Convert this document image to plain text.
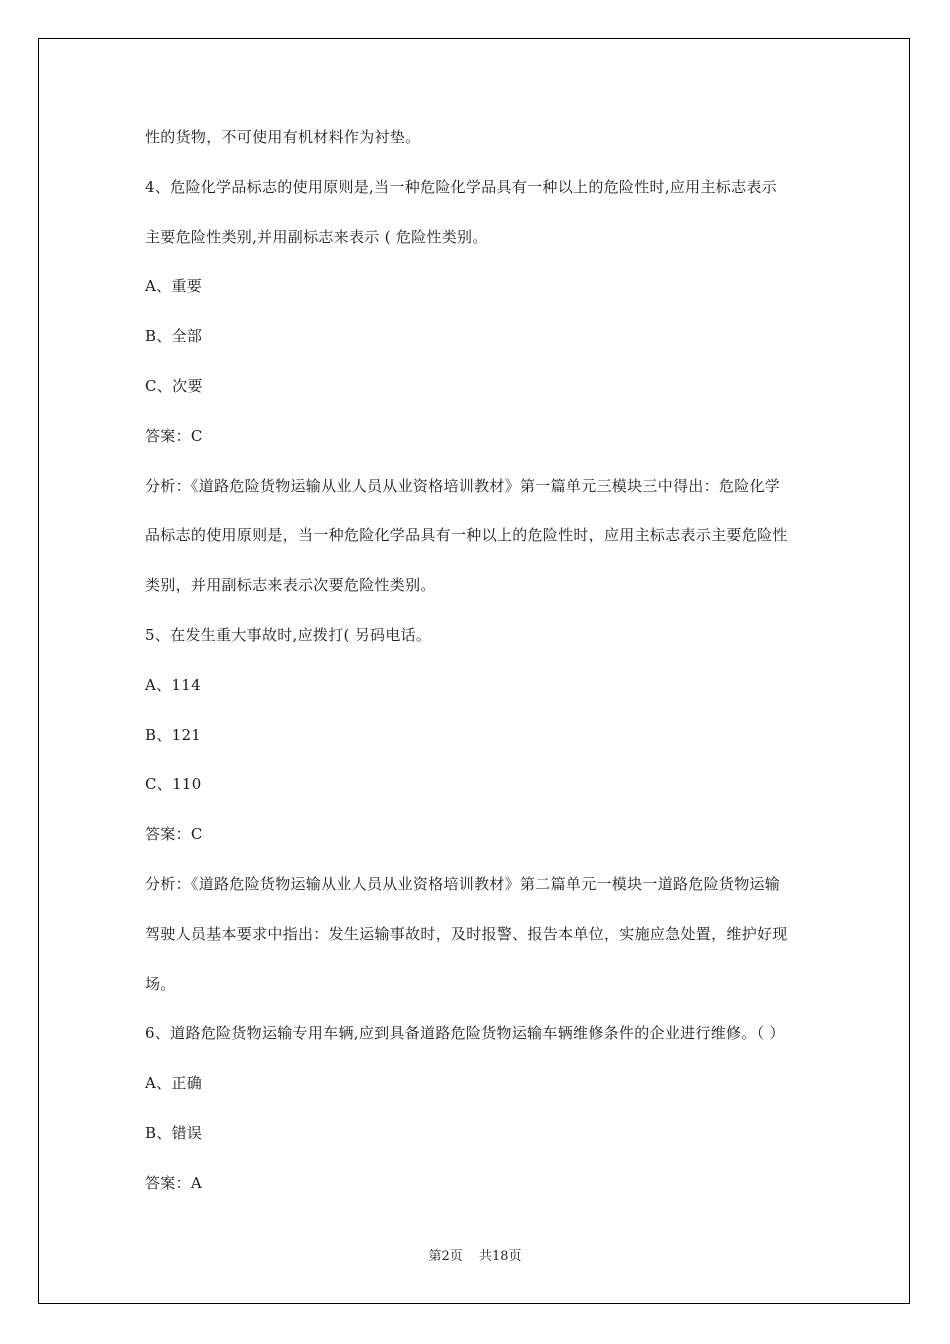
性的货物，不可使用有机材料作为衬垫。
4、危险化学品标志的使用原则是,当一种危险化学品具有一种以上的危险性时,应用主标志表示
主要危险性类别,并用副标志来表示 ( 危险性类别。
A、重要
B、全部
C、次要
答案：C
分析：《道路危险货物运输从业人员从业资格培训教材》第一篇单元三模块三中得出：危险化学
品标志的使用原则是，当一种危险化学品具有一种以上的危险性时，应用主标志表示主要危险性
类别，并用副标志来表示次要危险性类别。
5、在发生重大事故时,应拨打( 另码电话。
A、114
B、121
C、110
答案：C
分析：《道路危险货物运输从业人员从业资格培训教材》第二篇单元一模块一道路危险货物运输
驾驶人员基本要求中指出：发生运输事故时，及时报警、报告本单位，实施应急处置，维护好现
场。
6、道路危险货物运输专用车辆,应到具备道路危险货物运输车辆维修条件的企业进行维修。（ ）
A、正确
B、错误
答案：A
第2页 共18页
